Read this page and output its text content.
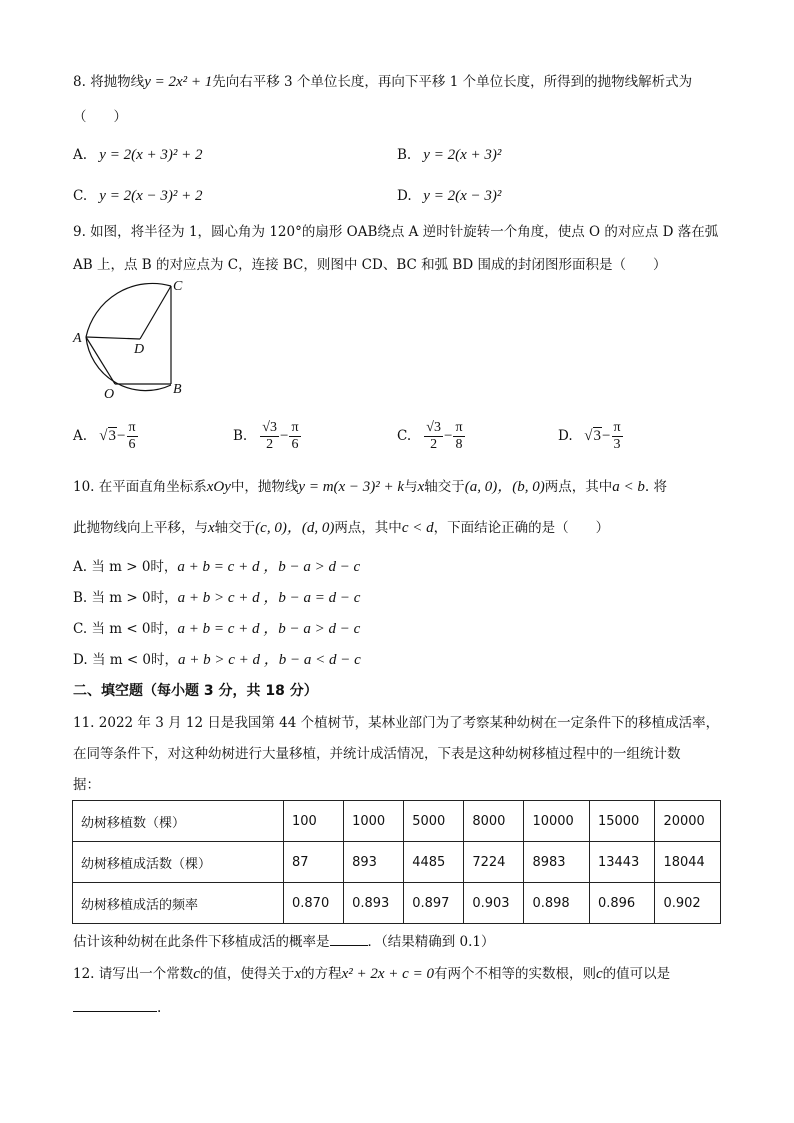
8. 将抛物线y = 2x² + 1先向右平移 3 个单位长度，再向下平移 1 个单位长度，所得到的抛物线解析式为
（　　）
A. y = 2(x + 3)² + 2	B. y = 2(x + 3)²
C. y = 2(x − 3)² + 2	D. y = 2(x − 3)²
9. 如图，将半径为 1，圆心角为 120°的扇形 OAB绕点 A 逆时针旋转一个角度，使点 O 的对应点 D 落在弧
AB 上，点 B 的对应点为 C，连接 BC，则图中 CD、BC 和弧 BD 围成的封闭图形面积是（　　）
A
B
C
D
O
A. $√3- \frac{\pi}{6}$	B. $\frac{√3}{2} - \frac{\pi}{6}$	C. $\frac{√3}{2} - \frac{\pi}{8}$	D. $√3- \frac{\pi}{3}$
10. 在平面直角坐标系xOy中，抛物线y = m(x − 3)² + k与x轴交于(a, 0)，(b, 0)两点，其中a < b. 将
此抛物线向上平移，与x轴交于(c, 0)，(d, 0)两点，其中c < d，下面结论正确的是（　　）
A. 当 m > 0时，a + b = c + d ，b − a > d − c
B. 当 m > 0时，a + b > c + d ，b − a = d − c
C. 当 m < 0时，a + b = c + d ，b − a > d − c
D. 当 m < 0时，a + b > c + d ，b − a < d − c
二、填空题（每小题 3 分，共 18 分）
11. 2022 年 3 月 12 日是我国第 44 个植树节，某林业部门为了考察某种幼树在一定条件下的移植成活率，
在同等条件下，对这种幼树进行大量移植，并统计成活情况，下表是这种幼树移植过程中的一组统计数
据：
幼树移植数（棵）	100	1000	5000	8000	10000	15000	20000
幼树移植成活数（棵）	87	893	4485	7224	8983	13443	18044
幼树移植成活的频率	0.870	0.893	0.897	0.903	0.898	0.896	0.902
估计该种幼树在此条件下移植成活的概率是	．（结果精确到 0.1）
12. 请写出一个常数c的值，使得关于x的方程x² + 2x + c = 0有两个不相等的实数根，则c的值可以是
.
